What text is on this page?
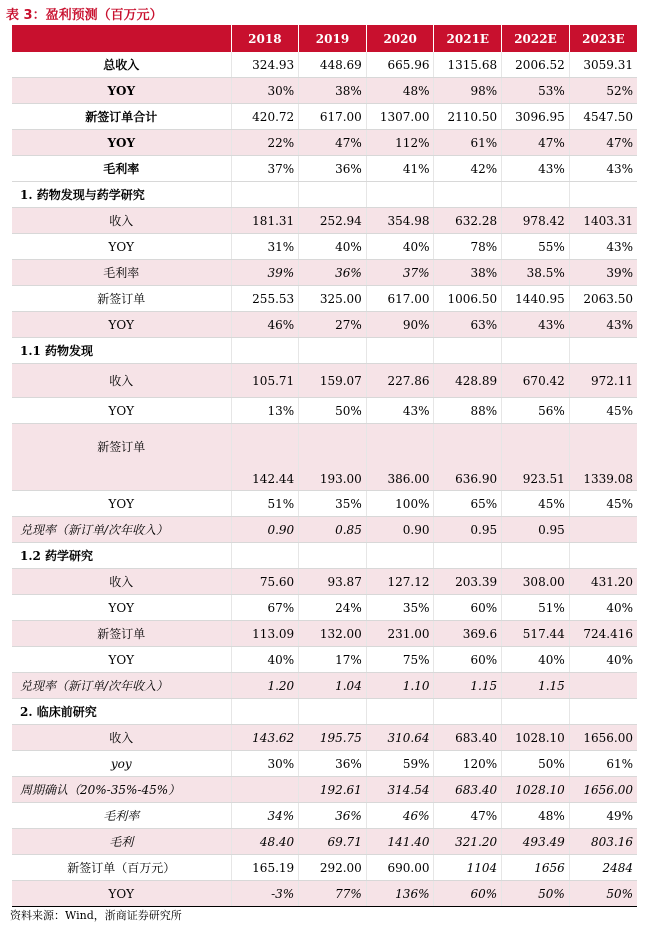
表 3：盈利预测（百万元）
	2018	2019	2020	2021E	2022E	2023E
总收入	324.93	448.69	665.96	1315.68	2006.52	3059.31
YOY	30%	38%	48%	98%	53%	52%
新签订单合计	420.72	617.00	1307.00	2110.50	3096.95	4547.50
YOY	22%	47%	112%	61%	47%	47%
毛利率	37%	36%	41%	42%	43%	43%
1. 药物发现与药学研究						
收入	181.31	252.94	354.98	632.28	978.42	1403.31
YOY	31%	40%	40%	78%	55%	43%
毛利率	39%	36%	37%	38%	38.5%	39%
新签订单	255.53	325.00	617.00	1006.50	1440.95	2063.50
YOY	46%	27%	90%	63%	43%	43%
1.1 药物发现						
收入	105.71	159.07	227.86	428.89	670.42	972.11
YOY	13%	50%	43%	88%	56%	45%
新签订单	142.44	193.00	386.00	636.90	923.51	1339.08
YOY	51%	35%	100%	65%	45%	45%
兑现率（新订单/次年收入）	0.90	0.85	0.90	0.95	0.95	
1.2 药学研究						
收入	75.60	93.87	127.12	203.39	308.00	431.20
YOY	67%	24%	35%	60%	51%	40%
新签订单	113.09	132.00	231.00	369.6	517.44	724.416
YOY	40%	17%	75%	60%	40%	40%
兑现率（新订单/次年收入）	1.20	1.04	1.10	1.15	1.15	
2. 临床前研究						
收入	143.62	195.75	310.64	683.40	1028.10	1656.00
yoy	30%	36%	59%	120%	50%	61%
周期确认（20%-35%-45%）		192.61	314.54	683.40	1028.10	1656.00
毛利率	34%	36%	46%	47%	48%	49%
毛利	48.40	69.71	141.40	321.20	493.49	803.16
新签订单（百万元）	165.19	292.00	690.00	1104	1656	2484
YOY	-3%	77%	136%	60%	50%	50%
资料来源：Wind，浙商证券研究所
